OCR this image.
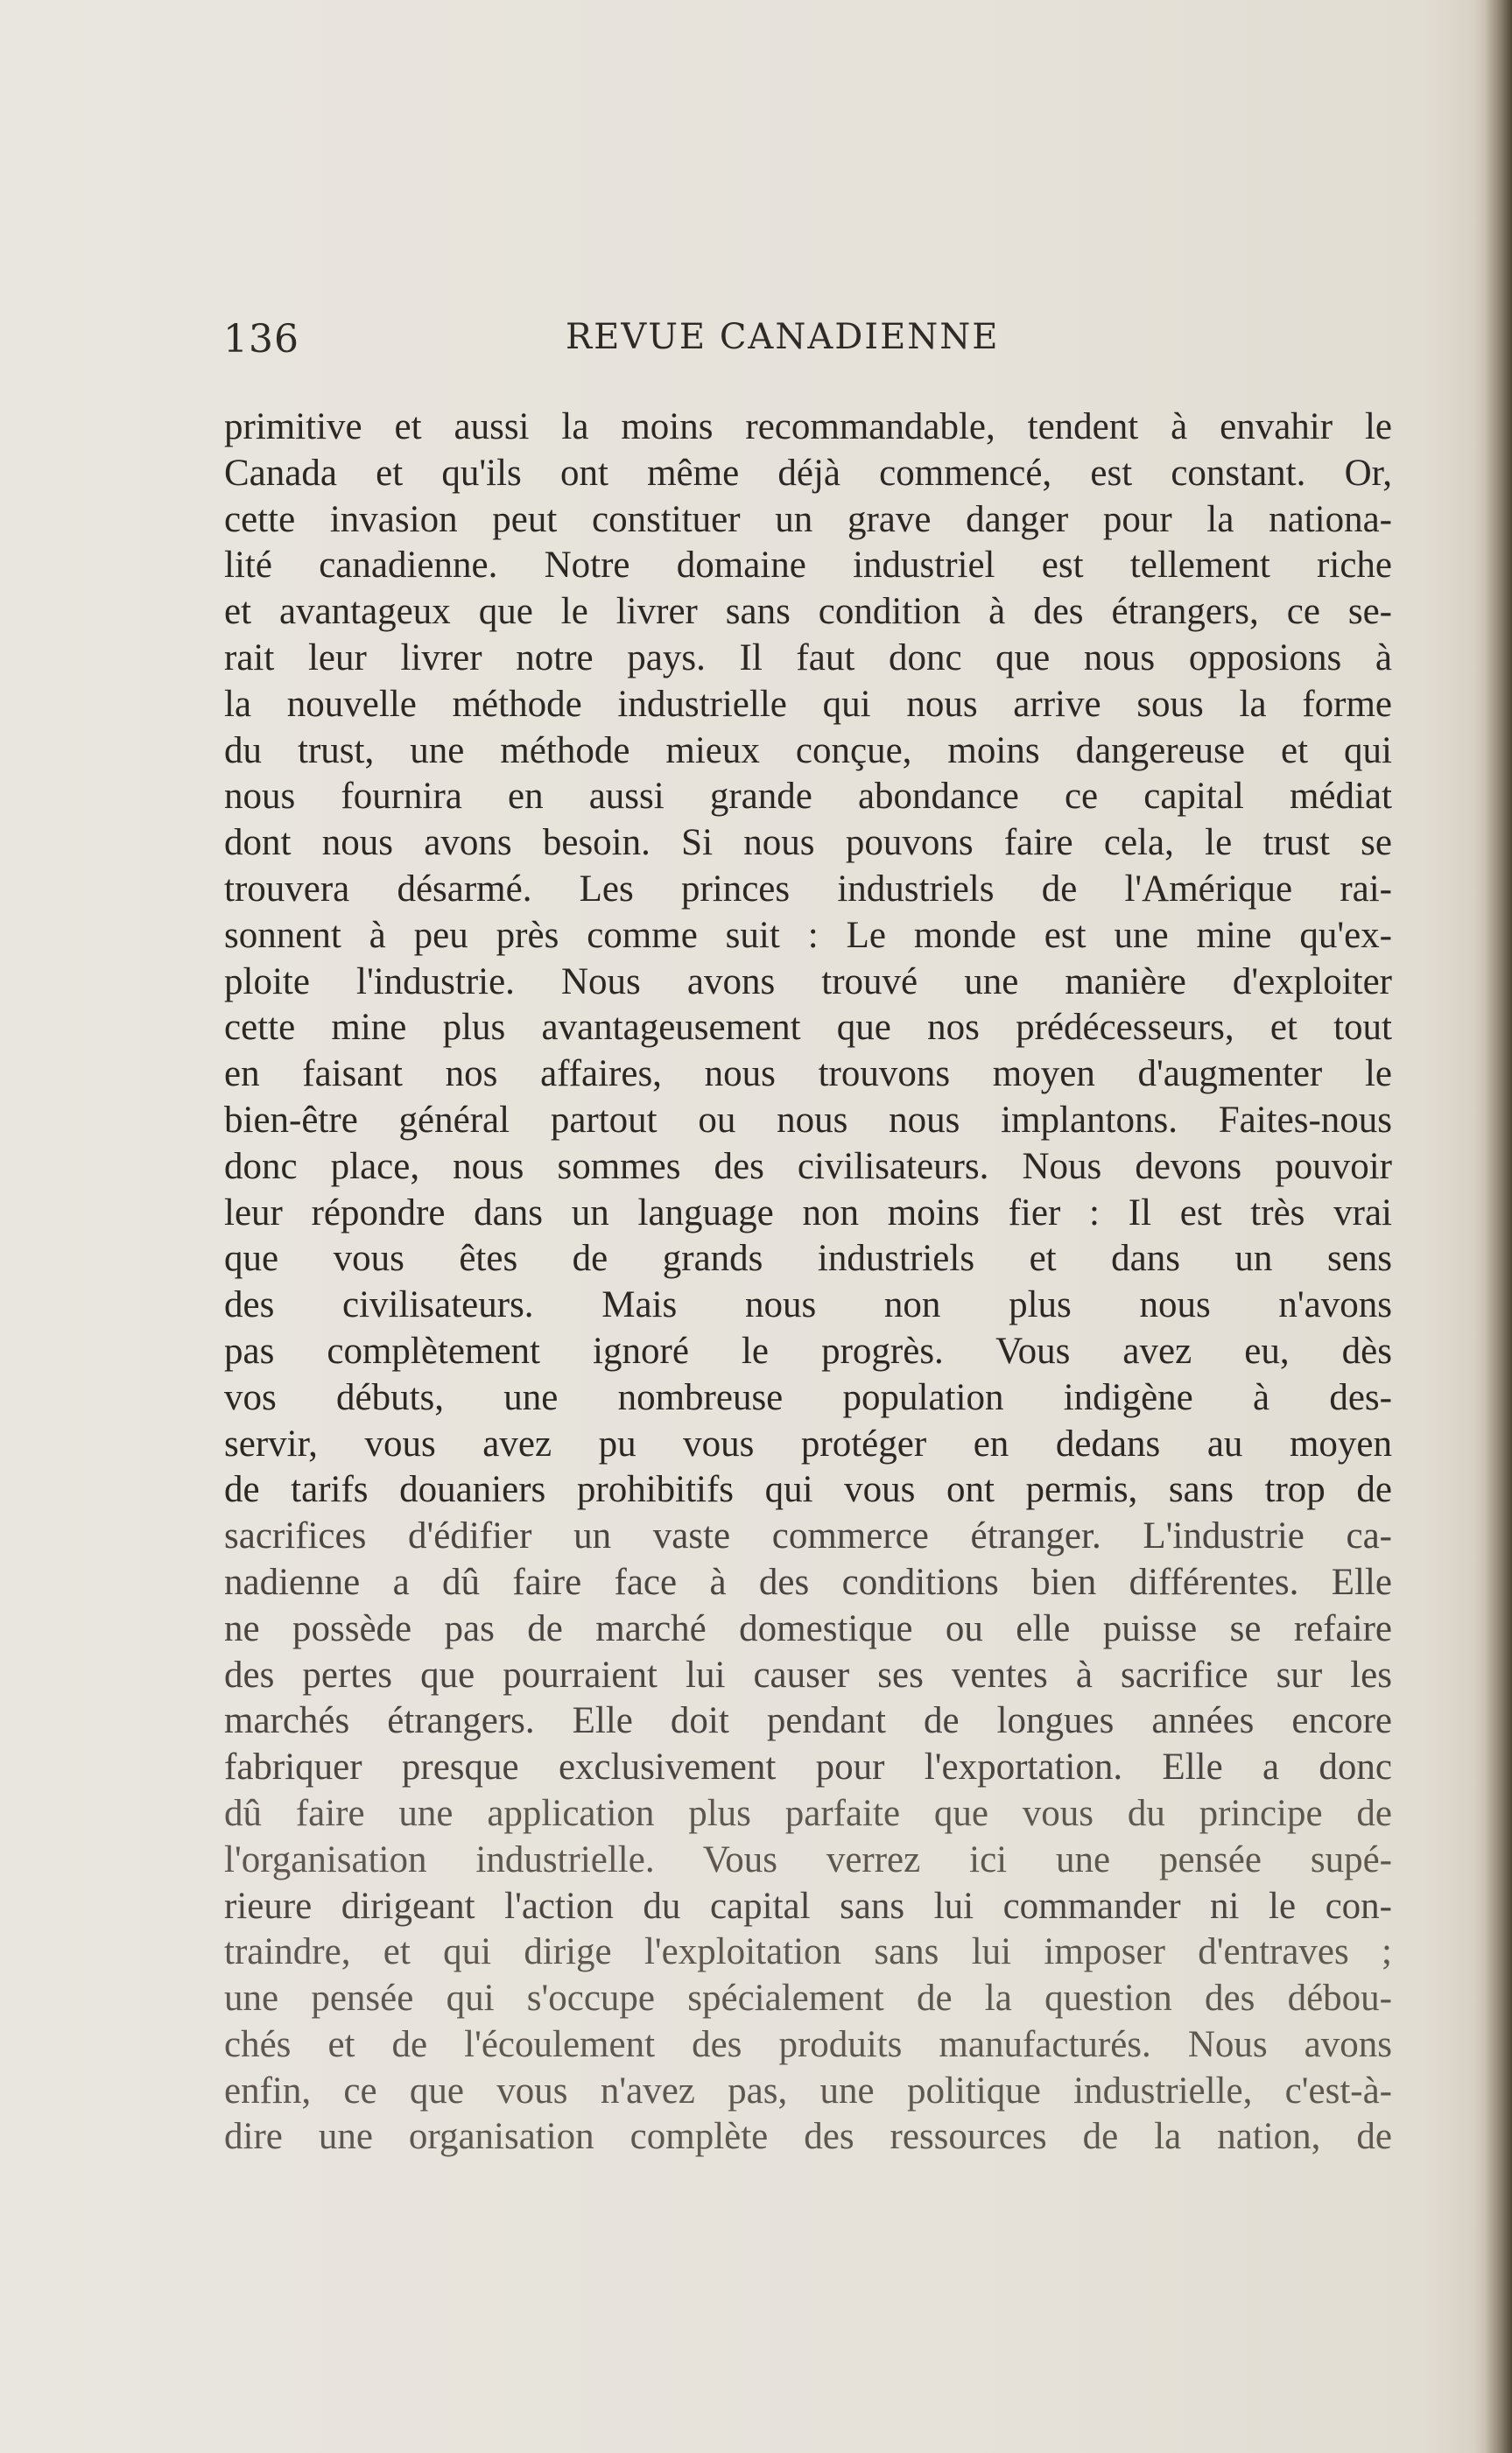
136	REVUE CANADIENNE
primitive et aussi la moins recommandable, tendent à envahir le
Canada et qu'ils ont même déjà commencé, est constant. Or,
cette invasion peut constituer un grave danger pour la nationa-
lité canadienne. Notre domaine industriel est tellement riche
et avantageux que le livrer sans condition à des étrangers, ce se-
rait leur livrer notre pays. Il faut donc que nous opposions à
la nouvelle méthode industrielle qui nous arrive sous la forme
du trust, une méthode mieux conçue, moins dangereuse et qui
nous fournira en aussi grande abondance ce capital médiat
dont nous avons besoin. Si nous pouvons faire cela, le trust se
trouvera désarmé. Les princes industriels de l'Amérique rai-
sonnent à peu près comme suit : Le monde est une mine qu'ex-
ploite l'industrie. Nous avons trouvé une manière d'exploiter
cette mine plus avantageusement que nos prédécesseurs, et tout
en faisant nos affaires, nous trouvons moyen d'augmenter le
bien-être général partout ou nous nous implantons. Faites-nous
donc place, nous sommes des civilisateurs. Nous devons pouvoir
leur répondre dans un language non moins fier : Il est très vrai
que vous êtes de grands industriels et dans un sens
des civilisateurs. Mais nous non plus nous n'avons
pas complètement ignoré le progrès. Vous avez eu, dès
vos débuts, une nombreuse population indigène à des-
servir, vous avez pu vous protéger en dedans au moyen
de tarifs douaniers prohibitifs qui vous ont permis, sans trop de
sacrifices d'édifier un vaste commerce étranger. L'industrie ca-
nadienne a dû faire face à des conditions bien différentes. Elle
ne possède pas de marché domestique ou elle puisse se refaire
des pertes que pourraient lui causer ses ventes à sacrifice sur les
marchés étrangers. Elle doit pendant de longues années encore
fabriquer presque exclusivement pour l'exportation. Elle a donc
dû faire une application plus parfaite que vous du principe de
l'organisation industrielle. Vous verrez ici une pensée supé-
rieure dirigeant l'action du capital sans lui commander ni le con-
traindre, et qui dirige l'exploitation sans lui imposer d'entraves ;
une pensée qui s'occupe spécialement de la question des débou-
chés et de l'écoulement des produits manufacturés. Nous avons
enfin, ce que vous n'avez pas, une politique industrielle, c'est-à-
dire une organisation complète des ressources de la nation, de
